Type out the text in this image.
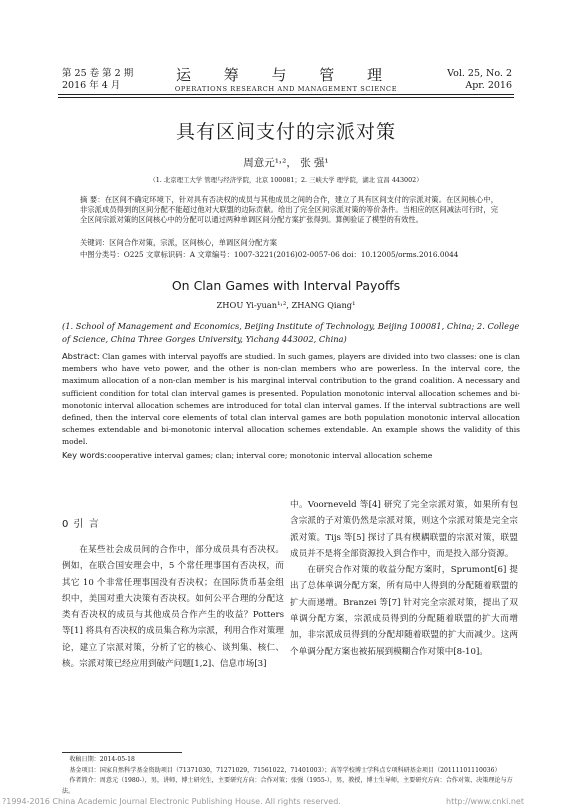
第 25 卷 第 2 期
2016 年 4 月
运 筹 与 管 理
OPERATIONS RESEARCH AND MANAGEMENT SCIENCE
Vol. 25, No. 2
Apr. 2016
具有区间支付的宗派对策
周意元¹˒²， 张 强¹
（1. 北京理工大学 管理与经济学院，北京 100081；2. 三峡大学 理学院，湖北 宜昌 443002）
摘 要：在区间不确定环境下，针对具有否决权的成员与其他成员之间的合作，建立了具有区间支付的宗派对策。在区间核心中，非宗派成员得到的区间分配不能超过他对大联盟的边际贡献。给出了完全区间宗派对策的等价条件。当相应的区间减法可行时，完全区间宗派对策的区间核心中的分配可以通过两种单调区间分配方案扩张得到。算例验证了模型的有效性。
关键词：区间合作对策，宗派，区间核心，单调区间分配方案
中图分类号：O225 文章标识码：A 文章编号：1007-3221(2016)02-0057-06 doi：10.12005/orms.2016.0044
On Clan Games with Interval Payoffs
ZHOU Yi-yuan¹˒², ZHANG Qiang¹
(1. School of Management and Economics, Beijing Institute of Technology, Beijing 100081, China; 2. College of Science, China Three Gorges University, Yichang 443002, China)
Abstract: Clan games with interval payoffs are studied. In such games, players are divided into two classes: one is clan members who have veto power, and the other is non-clan members who are powerless. In the interval core, the maximum allocation of a non-clan member is his marginal interval contribution to the grand coalition. A necessary and sufficient condition for total clan interval games is presented. Population monotonic interval allocation schemes and bi-monotonic interval allocation schemes are introduced for total clan interval games. If the interval subtractions are well defined, then the interval core elements of total clan interval games are both population monotonic interval allocation schemes extendable and bi-monotonic interval allocation schemes extendable. An example shows the validity of this model.
Key words:cooperative interval games; clan; interval core; monotonic interval allocation scheme
0 引 言

在某些社会成员间的合作中，部分成员具有否决权。例如，在联合国安理会中，5 个常任理事国有否决权，而其它 10 个非常任理事国没有否决权；在国际货币基金组织中，美国对重大决策有否决权。如何公平合理的分配这类有否决权的成员与其他成员合作产生的收益？Potters 等[1] 将具有否决权的成员集合称为宗派，利用合作对策理论，建立了宗派对策，分析了它的核心、谈判集、核仁、核。宗派对策已经应用到破产问题[1,2]、信息市场[3]

中。Voorneveld 等[4] 研究了完全宗派对策，如果所有包含宗派的子对策仍然是宗派对策，则这个宗派对策是完全宗派对策。Tijs 等[5] 探讨了具有楔耦联盟的宗派对策，联盟成员并不是将全部资源投入到合作中，而是投入部分资源。

在研究合作对策的收益分配方案时，Sprumont[6] 提出了总体单调分配方案，所有局中人得到的分配随着联盟的扩大而递增。Branzei 等[7] 针对完全宗派对策，提出了双单调分配方案，宗派成员得到的分配随着联盟的扩大而增加，非宗派成员得到的分配却随着联盟的扩大而减少。这两个单调分配方案也被拓展到模糊合作对策中[8-10]。

收稿日期：2014-05-18

基金项目：国家自然科学基金资助项目（71371030，71271029，71561022，71401003）；高等学校博士学科点专项科研基金项目（20111101110036）

作者简介：周意元（1980-），男，讲师，博士研究生，主要研究方向：合作对策；张强（1955-），男，教授，博士生导师，主要研究方向：合作对策、决策理论与方法。

?1994-2016 China Academic Journal Electronic Publishing House. All rights reserved.	http://www.cnki.net
